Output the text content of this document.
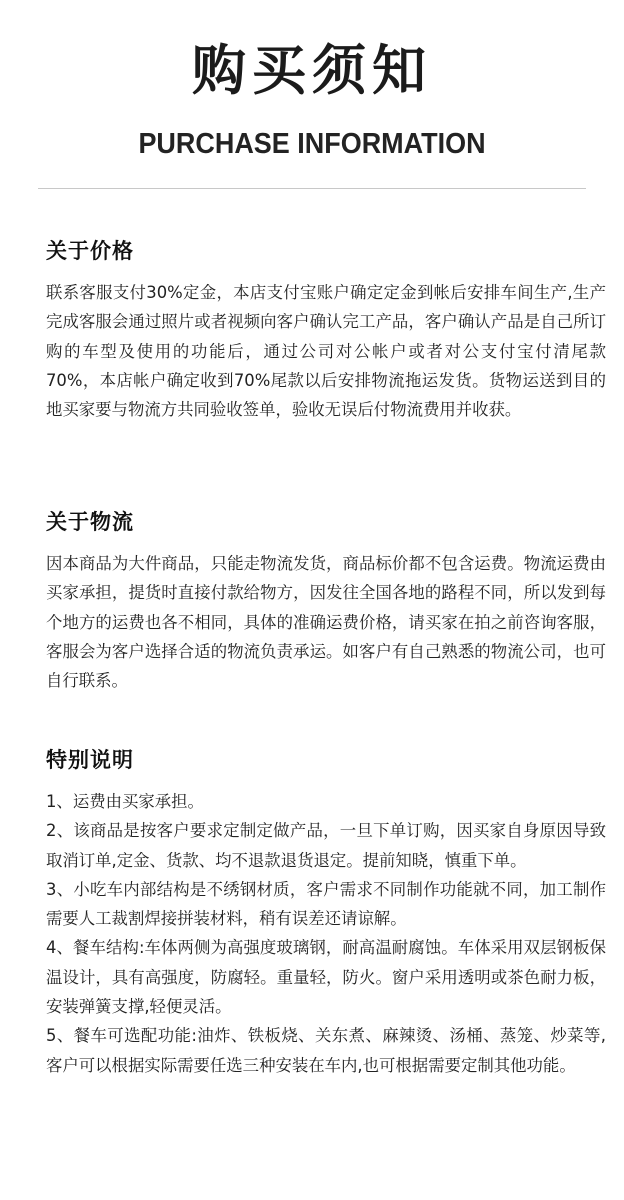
购买须知
PURCHASE INFORMATION
关于价格

联系客服支付30%定金，本店支付宝账户确定定金到帐后安排车间生产,生产完成客服会通过照片或者视频向客户确认完工产品，客户确认产品是自己所订购的车型及使用的功能后，通过公司对公帐户或者对公支付宝付清尾款70%，本店帐户确定收到70%尾款以后安排物流拖运发货。货物运送到目的地买家要与物流方共同验收签单，验收无误后付物流费用并收获。

关于物流

因本商品为大件商品，只能走物流发货，商品标价都不包含运费。物流运费由买家承担，提货时直接付款给物方，因发往全国各地的路程不同，所以发到每个地方的运费也各不相同，具体的准确运费价格，请买家在拍之前咨询客服，客服会为客户选择合适的物流负责承运。如客户有自己熟悉的物流公司，也可自行联系。

特别说明

1、运费由买家承担。

2、该商品是按客户要求定制定做产品，一旦下单订购，因买家自身原因导致取消订单,定金、货款、均不退款退货退定。提前知晓，慎重下单。

3、小吃车内部结构是不绣钢材质，客户需求不同制作功能就不同，加工制作需要人工裁割焊接拼装材料，稍有误差还请谅解。

4、餐车结构:车体两侧为高强度玻璃钢，耐高温耐腐蚀。车体采用双层钢板保温设计，具有高强度，防腐轻。重量轻，防火。窗户采用透明或茶色耐力板，安装弹簧支撑,轻便灵活。

5、餐车可选配功能:油炸、铁板烧、关东煮、麻辣烫、汤桶、蒸笼、炒菜等,客户可以根据实际需要任选三种安装在车内,也可根据需要定制其他功能。
